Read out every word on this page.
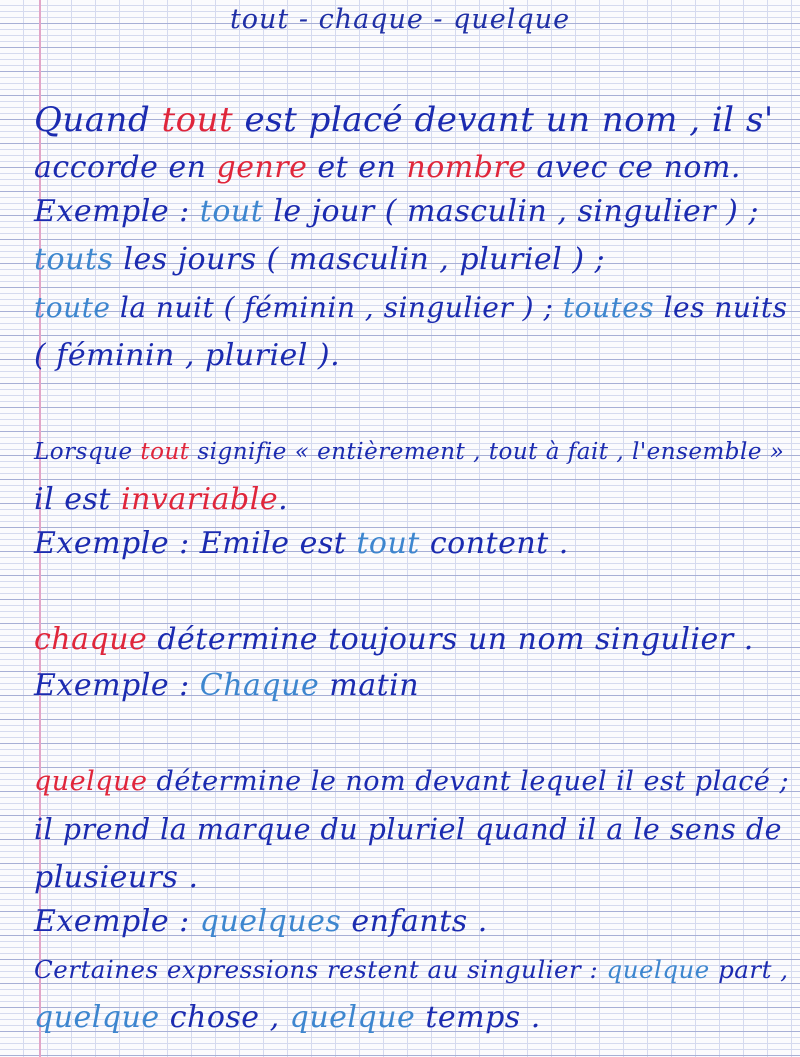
tout - chaque - quelque
Quand tout est placé devant un nom , il s'
accorde en genre et en nombre avec ce nom.
Exemple : tout le jour ( masculin , singulier ) ;
touts les jours ( masculin , pluriel ) ;
toute la nuit ( féminin , singulier ) ; toutes les nuits
( féminin , pluriel ).
Lorsque tout signifie « entièrement , tout à fait , l'ensemble »
il est invariable.
Exemple : Emile est tout content .
chaque détermine toujours un nom singulier .
Exemple : Chaque matin
quelque détermine le nom devant lequel il est placé ;
il prend la marque du pluriel quand il a le sens de
plusieurs .
Exemple : quelques enfants .
Certaines expressions restent au singulier : quelque part ,
quelque chose , quelque temps .
